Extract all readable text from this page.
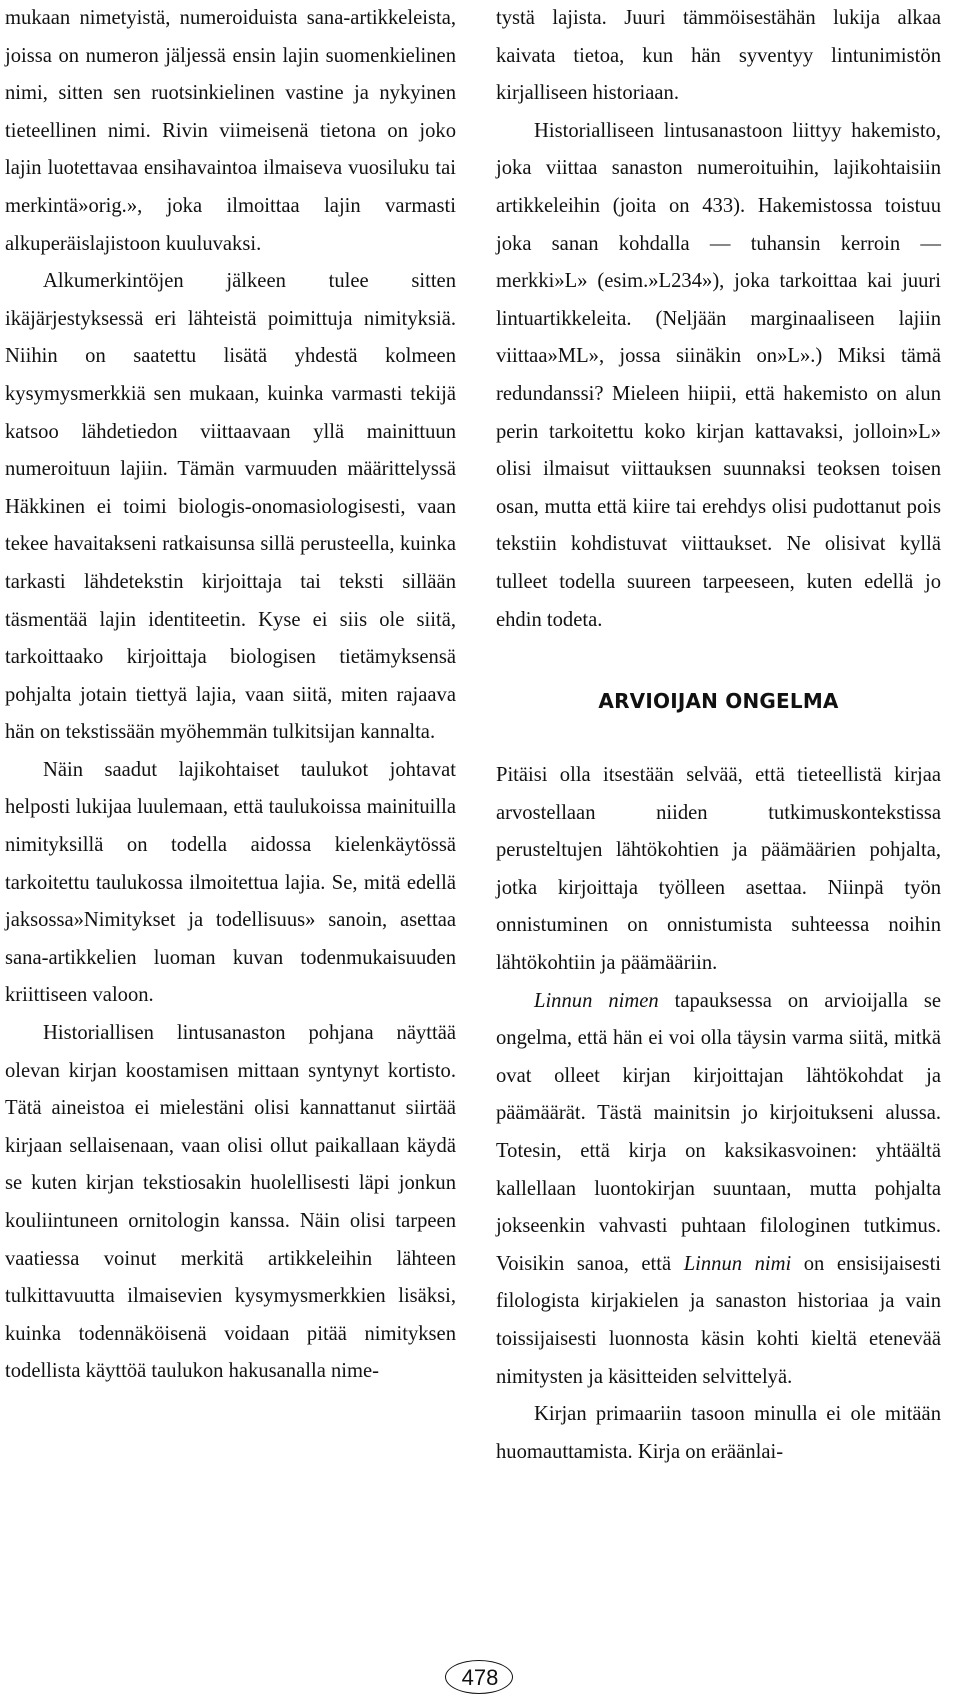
mukaan nimetyistä, numeroiduista sana-artikkeleista, joissa on numeron jäljessä ensin lajin suomenkielinen nimi, sitten sen ruotsinkielinen vastine ja nykyinen tieteellinen nimi. Rivin viimeisenä tietona on joko lajin luotettavaa ensihavaintoa ilmaiseva vuosiluku tai merkintä»orig.», joka ilmoittaa lajin varmasti alkuperäislajistoon kuuluvaksi.

Alkumerkintöjen jälkeen tulee sitten ikäjärjestyksessä eri lähteistä poimittuja nimityksiä. Niihin on saatettu lisätä yhdestä kolmeen kysymysmerkkiä sen mukaan, kuinka varmasti tekijä katsoo lähdetiedon viittaavaan yllä mainittuun numeroituun lajiin. Tämän varmuuden määrittelyssä Häkkinen ei toimi biologis-onomasiologisesti, vaan tekee havaitakseni ratkaisunsa sillä perusteella, kuinka tarkasti lähdetekstin kirjoittaja tai teksti sillään täsmentää lajin identiteetin. Kyse ei siis ole siitä, tarkoittaako kirjoittaja biologisen tietämyksensä pohjalta jotain tiettyä lajia, vaan siitä, miten rajaava hän on tekstissään myöhemmän tulkitsijan kannalta.

Näin saadut lajikohtaiset taulukot johtavat helposti lukijaa luulemaan, että taulukoissa mainituilla nimityksillä on todella aidossa kielenkäytössä tarkoitettu taulukossa ilmoitettua lajia. Se, mitä edellä jaksossa»Nimitykset ja todellisuus» sanoin, asettaa sana-artikkelien luoman kuvan todenmukaisuuden kriittiseen valoon.

Historiallisen lintusanaston pohjana näyttää olevan kirjan koostamisen mittaan syntynyt kortisto. Tätä aineistoa ei mielestäni olisi kannattanut siirtää kirjaan sellaisenaan, vaan olisi ollut paikallaan käydä se kuten kirjan tekstiosakin huolellisesti läpi jonkun kouliintuneen ornitologin kanssa. Näin olisi tarpeen vaatiessa voinut merkitä artikkeleihin lähteen tulkittavuutta ilmaisevien kysymysmerkkien lisäksi, kuinka todennäköisenä voidaan pitää nimityksen todellista käyttöä taulukon hakusanalla nime-

tystä lajista. Juuri tämmöisestähän lukija alkaa kaivata tietoa, kun hän syventyy lintunimistön kirjalliseen historiaan.

Historialliseen lintusanastoon liittyy hakemisto, joka viittaa sanaston numeroituihin, lajikohtaisiin artikkeleihin (joita on 433). Hakemistossa toistuu joka sanan kohdalla — tuhansin kerroin — merkki»L» (esim.»L234»), joka tarkoittaa kai juuri lintuartikkeleita. (Neljään marginaaliseen lajiin viittaa»ML», jossa siinäkin on»L».) Miksi tämä redundanssi? Mieleen hiipii, että hakemisto on alun perin tarkoitettu koko kirjan kattavaksi, jolloin»L» olisi ilmaisut viittauksen suunnaksi teoksen toisen osan, mutta että kiire tai erehdys olisi pudottanut pois tekstiin kohdistuvat viittaukset. Ne olisivat kyllä tulleet todella suureen tarpeeseen, kuten edellä jo ehdin todeta.

ARVIOIJAN ONGELMA

Pitäisi olla itsestään selvää, että tieteellistä kirjaa arvostellaan niiden tutkimuskontekstissa perusteltujen lähtökohtien ja päämäärien pohjalta, jotka kirjoittaja työlleen asettaa. Niinpä työn onnistuminen on onnistumista suhteessa noihin lähtökohtiin ja päämääriin.

Linnun nimen tapauksessa on arvioijalla se ongelma, että hän ei voi olla täysin varma siitä, mitkä ovat olleet kirjan kirjoittajan lähtökohdat ja päämäärät. Tästä mainitsin jo kirjoitukseni alussa. Totesin, että kirja on kaksikasvoinen: yhtäältä kallellaan luontokirjan suuntaan, mutta pohjalta jokseenkin vahvasti puhtaan filologinen tutkimus. Voisikin sanoa, että Linnun nimi on ensisijaisesti filologista kirjakielen ja sanaston historiaa ja vain toissijaisesti luonnosta käsin kohti kieltä etenevää nimitysten ja käsitteiden selvittelyä.

Kirjan primaariin tasoon minulla ei ole mitään huomauttamista. Kirja on eräänlai-

478
